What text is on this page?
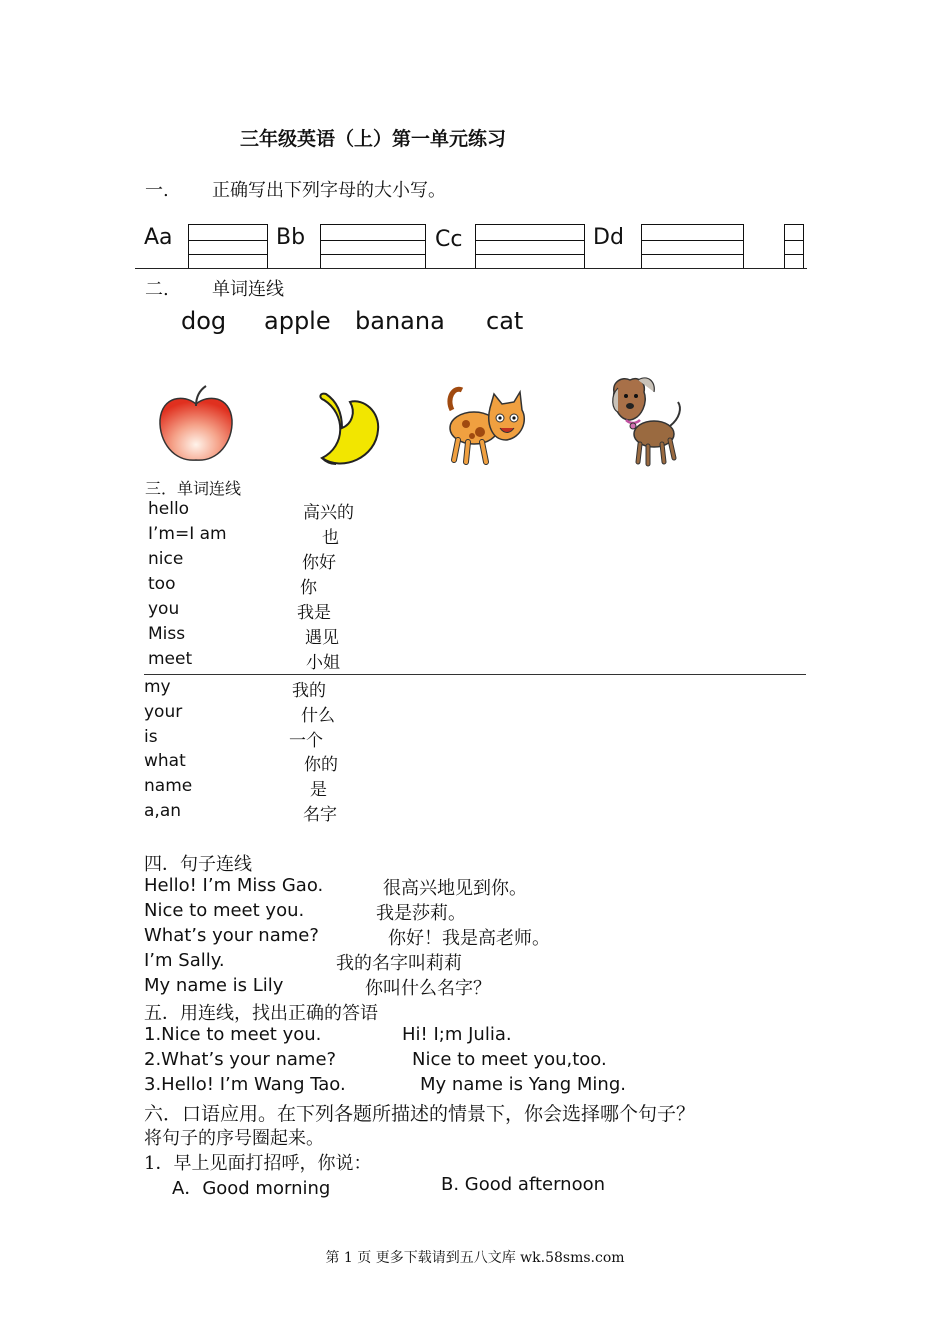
三年级英语（上）第一单元练习
一. 正确写出下列字母的大小写。
Aa	Bb	Cc	Dd
二. 单词连线
dog apple banana cat
三．单词连线
hello	高兴的
I’m=I am	也
nice	你好
too	你
you	我是
Miss	遇见
meet	小姐
my	我的
your	什么
is	一个
what	你的
name	是
a,an	名字
四．句子连线
Hello! I’m Miss Gao.	很高兴地见到你。
Nice to meet you.	我是莎莉。
What’s your name?	你好！我是高老师。
I’m Sally.	我的名字叫莉莉
My name is Lily	你叫什么名字？
五．用连线，找出正确的答语
1.Nice to meet you.	Hi! I;m Julia.
2.What’s your name?	Nice to meet you,too.
3.Hello! I’m Wang Tao.	My name is Yang Ming.
六．口语应用。在下列各题所描述的情景下，你会选择哪个句子？
将句子的序号圈起来。
1．早上见面打招呼，你说：
A．Good morning	B. Good afternoon
第 1 页 更多下载请到五八文库 wk.58sms.com
